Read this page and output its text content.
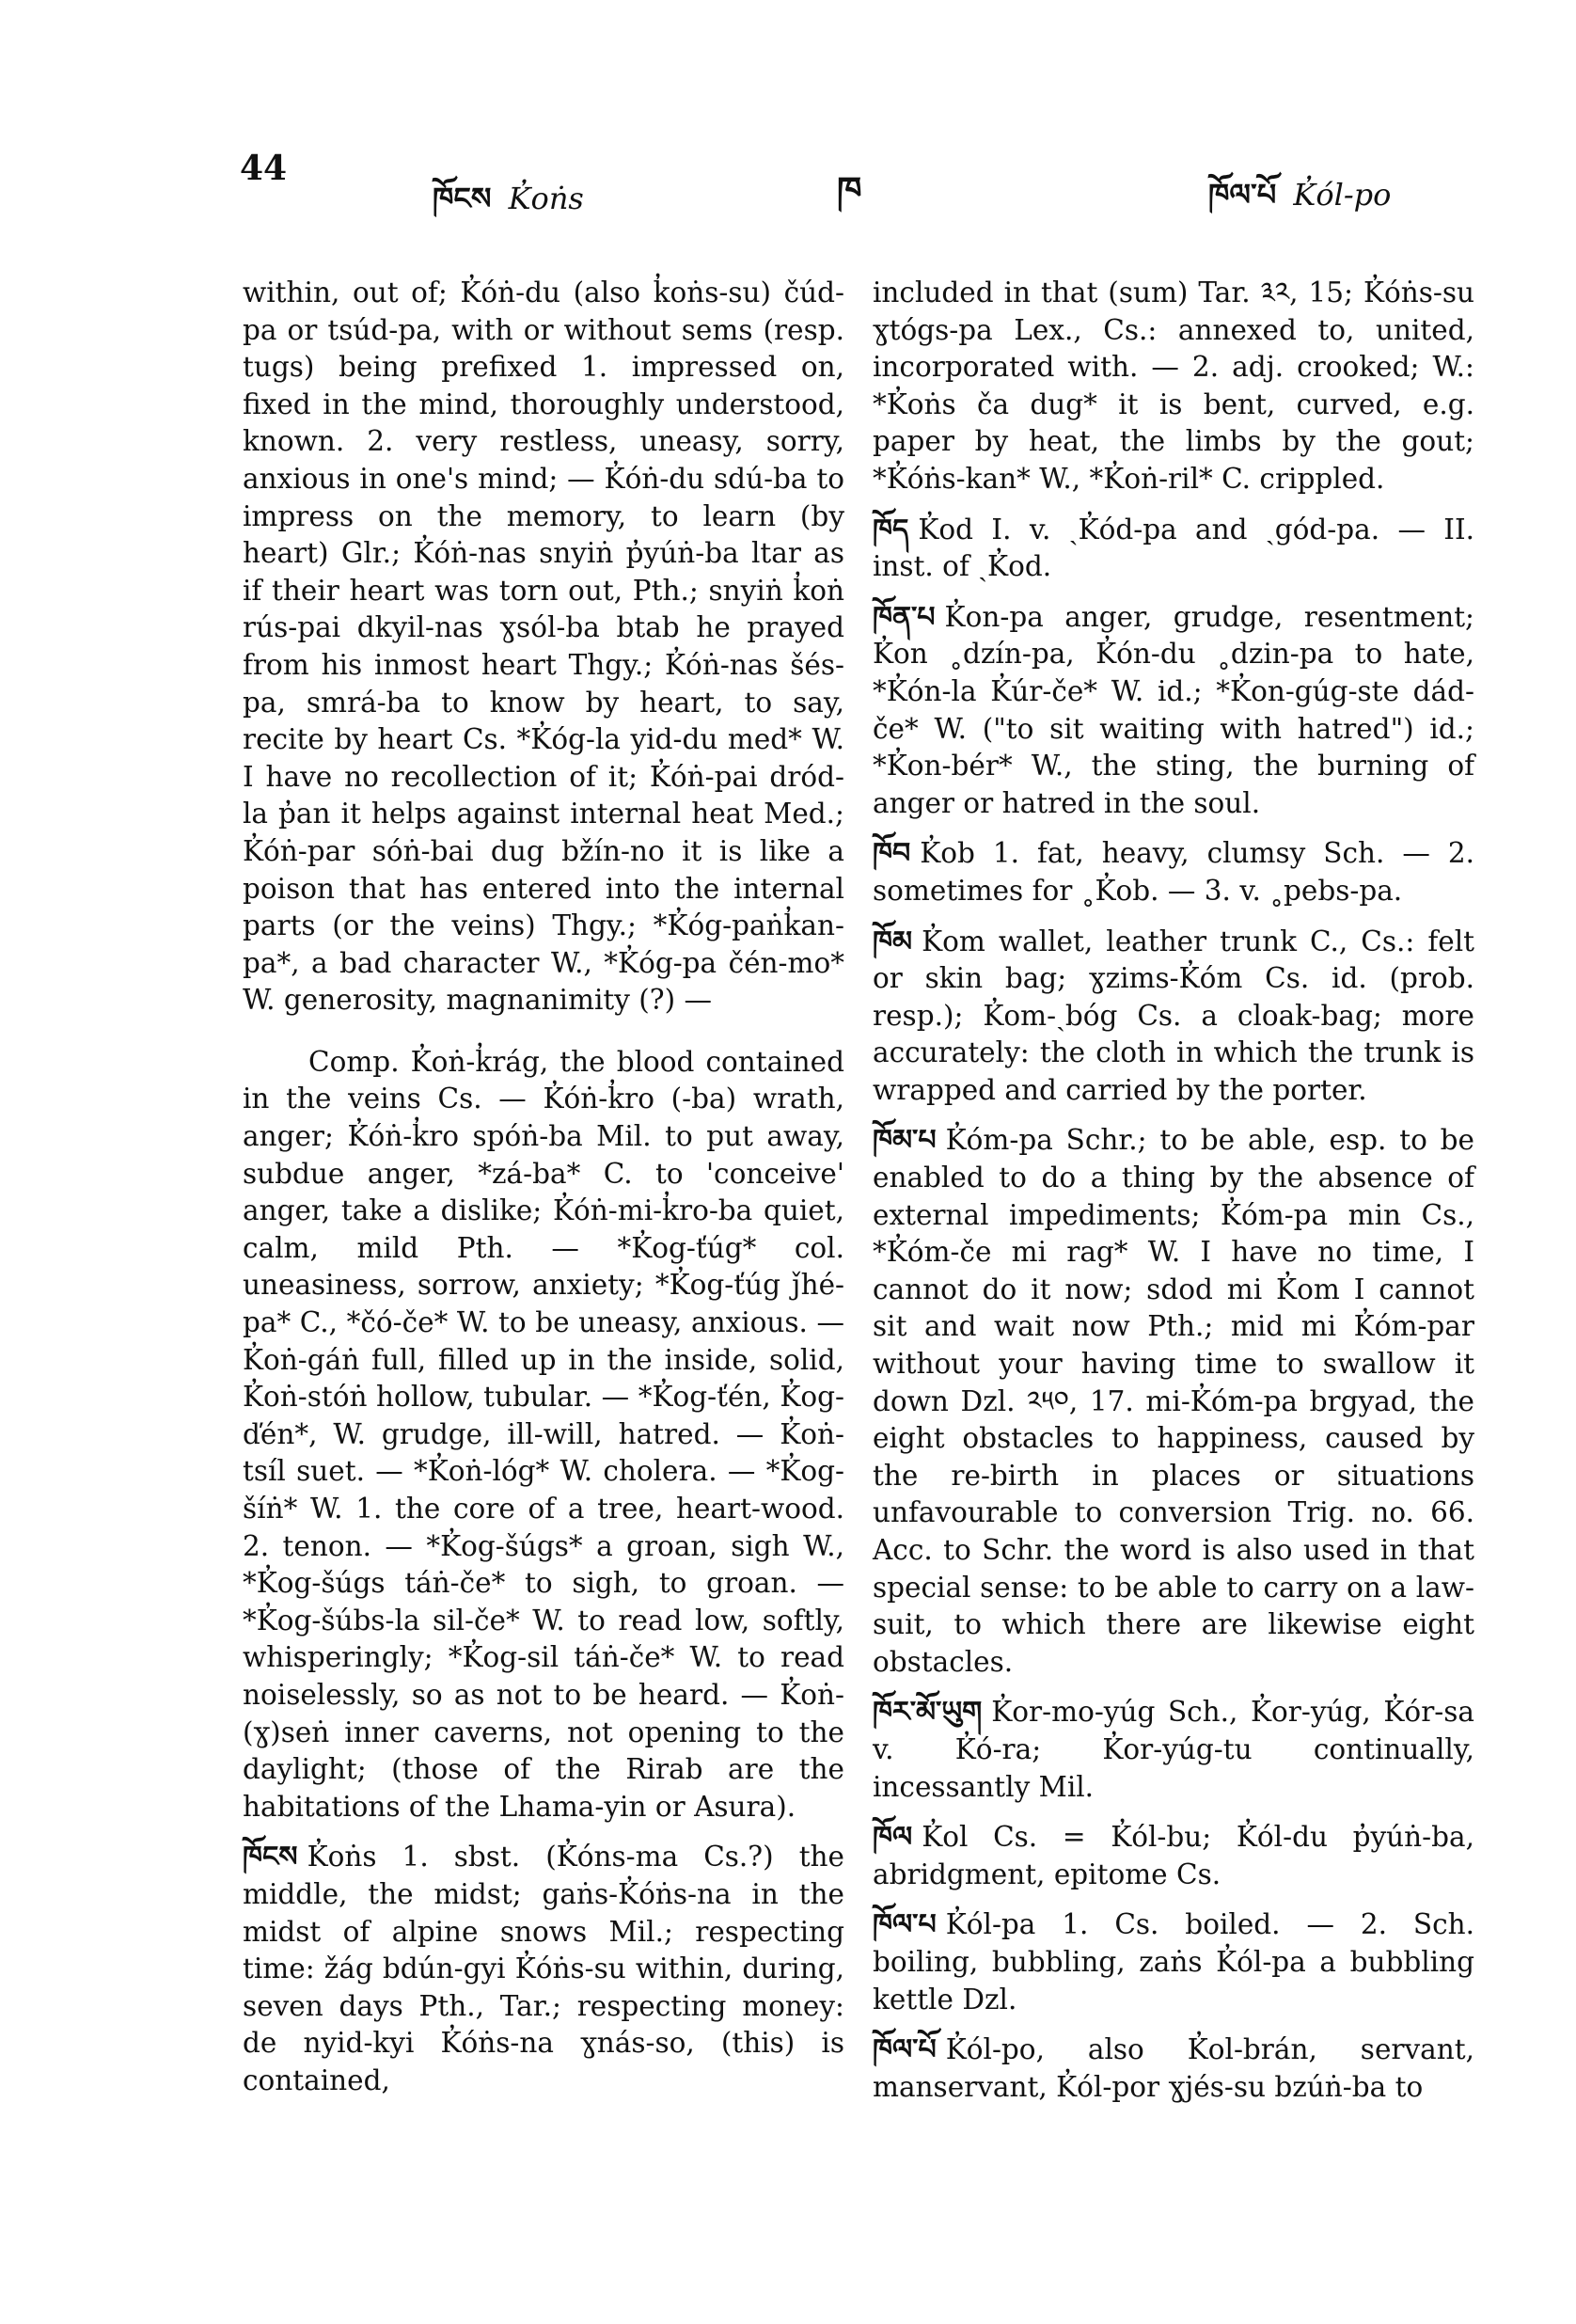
44
ཁོངས K̓oṅs	ཁ	ཁོལ་པོ K̓ól-po

within, out of; K̓óṅ-du (also k̓oṅs-su) čúd-pa or tsúd-pa, with or without sems (resp. tugs) being prefixed 1. impressed on, fixed in the mind, thoroughly understood, known. 2. very restless, uneasy, sorry, anxious in one's mind; — K̓óṅ-du sdú-ba to impress on the memory, to learn (by heart) Glr.; K̓óṅ-nas snyiṅ p̓yúṅ-ba ltar as if their heart was torn out, Pth.; snyiṅ k̓oṅ rús-pai dkyil-nas ɣsól-ba btab he prayed from his inmost heart Thgy.; K̓óṅ-nas šés-pa, smrá-ba to know by heart, to say, recite by heart Cs. *K̓óg-la yid-du med* W. I have no recollection of it; K̓óṅ-pai dród-la p̓an it helps against internal heat Med.; K̓óṅ-par sóṅ-bai dug bžín-no it is like a poison that has entered into the internal parts (or the veins) Thgy.; *K̓óg-paṅk̓an-pa*, a bad character W., *K̓óg-pa čén-mo* W. generosity, magnanimity (?) —

Comp. K̓oṅ-k̓rág, the blood contained in the veins Cs. — K̓óṅ-k̓ro (-ba) wrath, anger; K̓óṅ-k̓ro spóṅ-ba Mil. to put away, subdue anger, *zá-ba* C. to 'conceive' anger, take a dislike; K̓óṅ-mi-k̓ro-ba quiet, calm, mild Pth. — *K̓og-ťúg* col. uneasiness, sorrow, anxiety; *K̓og-ťúg ǰhé-pa* C., *čó-če* W. to be uneasy, anxious. — K̓oṅ-gáṅ full, filled up in the inside, solid, K̓oṅ-stóṅ hollow, tubular. — *K̓og-ťén, K̓og-ďén*, W. grudge, ill-will, hatred. — K̓oṅ-tsíl suet. — *K̓oṅ-lóg* W. cholera. — *K̓og-šíṅ* W. 1. the core of a tree, heart-wood. 2. tenon. — *K̓og-šúgs* a groan, sigh W., *K̓og-šúgs táṅ-če* to sigh, to groan. — *K̓og-šúbs-la sil-če* W. to read low, softly, whisperingly; *K̓og-sil táṅ-če* W. to read noiselessly, so as not to be heard. — K̓oṅ-(ɣ)seṅ inner caverns, not opening to the daylight; (those of the Rirab are the habitations of the Lhama-yin or Asura).

ཁོངས K̓oṅs 1. sbst. (K̓óns-ma Cs.?) the middle, the midst; gaṅs-K̓óṅs-na in the midst of alpine snows Mil.; respecting time: žág bdún-gyi K̓óṅs-su within, during, seven days Pth., Tar.; respecting money: de nyid-kyi K̓óṅs-na ɣnás-so, (this) is contained,

included in that (sum) Tar. ༣༢, 15; K̓óṅs-su ɣtógs-pa Lex., Cs.: annexed to, united, incorporated with. — 2. adj. crooked; W.: *K̓oṅs ča dug* it is bent, curved, e.g. paper by heat, the limbs by the gout; *K̓óṅs-kan* W., *K̓oṅ-ril* C. crippled.

ཁོད K̓od I. v. ˏK̓ód-pa and ˏgód-pa. — II. inst. of ˏK̓od.

ཁོན་པ K̓on-pa anger, grudge, resentment; K̓on ˳dzín-pa, K̓ón-du ˳dzin-pa to hate, *K̓ón-la K̓úr-če* W. id.; *K̓on-gúg-ste dád-če* W. ("to sit waiting with hatred") id.; *K̓on-bér* W., the sting, the burning of anger or hatred in the soul.

ཁོབ K̓ob 1. fat, heavy, clumsy Sch. — 2. sometimes for ˳K̓ob. — 3. v. ˳pebs-pa.

ཁོམ K̓om wallet, leather trunk C., Cs.: felt or skin bag; ɣzims-K̓óm Cs. id. (prob. resp.); K̓om-ˏbóg Cs. a cloak-bag; more accurately: the cloth in which the trunk is wrapped and carried by the porter.

ཁོམ་པ K̓óm-pa Schr.; to be able, esp. to be enabled to do a thing by the absence of external impediments; K̓óm-pa min Cs., *K̓óm-če mi rag* W. I have no time, I cannot do it now; sdod mi K̓om I cannot sit and wait now Pth.; mid mi K̓óm-par without your having time to swallow it down Dzl. ༢༥༠, 17. mi-K̓óm-pa brgyad, the eight obstacles to happiness, caused by the re-birth in places or situations unfavourable to conversion Trig. no. 66. Acc. to Schr. the word is also used in that special sense: to be able to carry on a law-suit, to which there are likewise eight obstacles.

ཁོར་མོ་ཡུག K̓or-mo-yúg Sch., K̓or-yúg, K̓ór-sa v. K̓ó-ra; K̓or-yúg-tu continually, incessantly Mil.

ཁོལ K̓ol Cs. = K̓ól-bu; K̓ól-du p̓yúṅ-ba, abridgment, epitome Cs.

ཁོལ་པ K̓ól-pa 1. Cs. boiled. — 2. Sch. boiling, bubbling, zaṅs K̓ól-pa a bubbling kettle Dzl.

ཁོལ་པོ K̓ól-po, also K̓ol-brán, servant, manservant, K̓ól-por ɣjés-su bzúṅ-ba to
